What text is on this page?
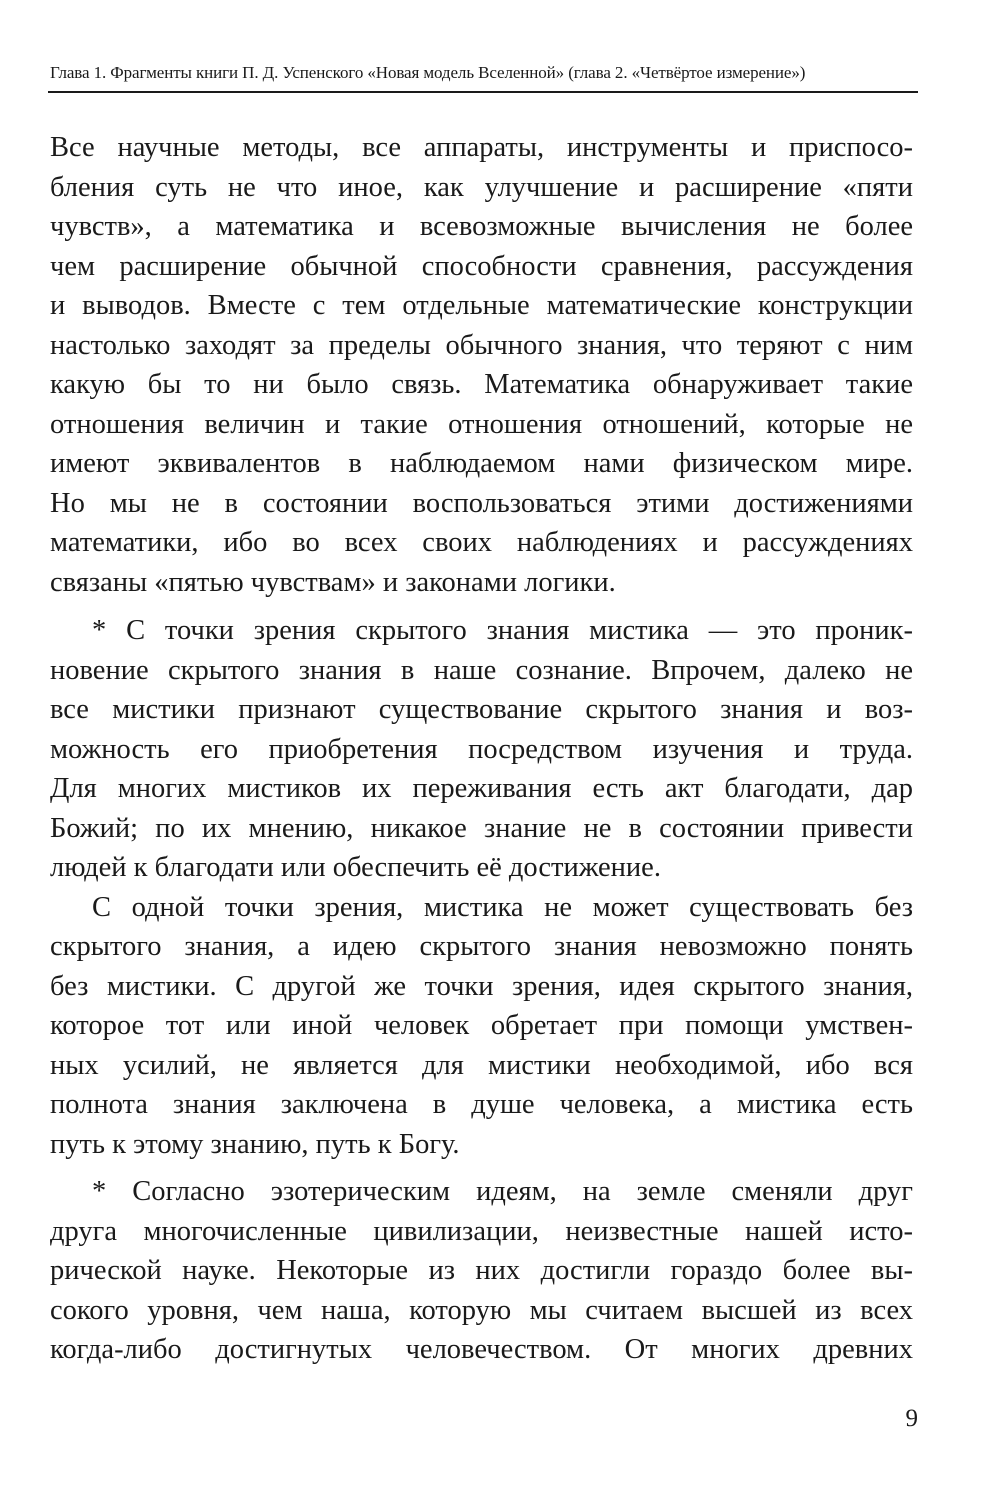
Глава 1. Фрагменты книги П. Д. Успенского «Новая модель Вселенной» (глава 2. «Четвёртое измерение»)
Все научные методы, все аппараты, инструменты и приспосо-
бления суть не что иное, как улучшение и расширение «пяти
чувств», а математика и всевозможные вычисления не более
чем расширение обычной способности сравнения, рассуждения
и выводов. Вместе с тем отдельные математические конструкции
настолько заходят за пределы обычного знания, что теряют с ним
какую бы то ни было связь. Математика обнаруживает такие
отношения величин и такие отношения отношений, которые не
имеют эквивалентов в наблюдаемом нами физическом мире.
Но мы не в состоянии воспользоваться этими достижениями
математики, ибо во всех своих наблюдениях и рассуждениях
связаны «пятью чувствам» и законами логики.
* С точки зрения скрытого знания мистика — это проник-
новение скрытого знания в наше сознание. Впрочем, далеко не
все мистики признают существование скрытого знания и воз-
можность его приобретения посредством изучения и труда.
Для многих мистиков их переживания есть акт благодати, дар
Божий; по их мнению, никакое знание не в состоянии привести
людей к благодати или обеспечить её достижение.
С одной точки зрения, мистика не может существовать без
скрытого знания, а идею скрытого знания невозможно понять
без мистики. С другой же точки зрения, идея скрытого знания,
которое тот или иной человек обретает при помощи умствен-
ных усилий, не является для мистики необходимой, ибо вся
полнота знания заключена в душе человека, а мистика есть
путь к этому знанию, путь к Богу.
* Согласно эзотерическим идеям, на земле сменяли друг
друга многочисленные цивилизации, неизвестные нашей исто-
рической науке. Некоторые из них достигли гораздо более вы-
сокого уровня, чем наша, которую мы считаем высшей из всех
когда-либо достигнутых человечеством. От многих древних
9
